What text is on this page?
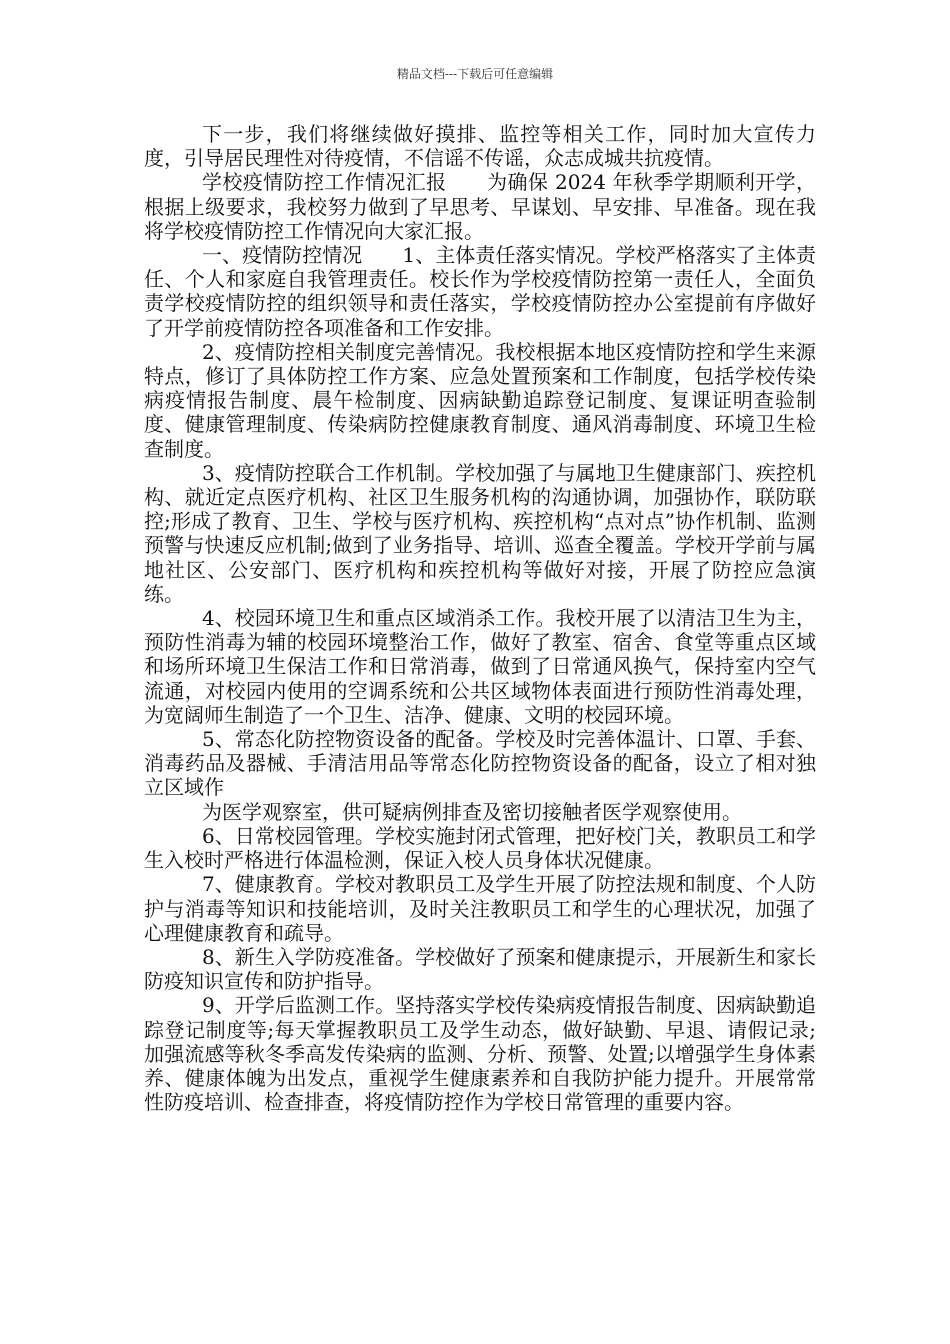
精品文档---下载后可任意编辑

下一步，我们将继续做好摸排、监控等相关工作，同时加大宣传力度，引导居民理性对待疫情，不信谣不传谣，众志成城共抗疫情。

学校疫情防控工作情况汇报　　为确保 2024 年秋季学期顺利开学，根据上级要求，我校努力做到了早思考、早谋划、早安排、早准备。现在我将学校疫情防控工作情况向大家汇报。

一、疫情防控情况　　1、主体责任落实情况。学校严格落实了主体责任、个人和家庭自我管理责任。校长作为学校疫情防控第一责任人，全面负责学校疫情防控的组织领导和责任落实，学校疫情防控办公室提前有序做好了开学前疫情防控各项准备和工作安排。

2、疫情防控相关制度完善情况。我校根据本地区疫情防控和学生来源特点，修订了具体防控工作方案、应急处置预案和工作制度，包括学校传染病疫情报告制度、晨午检制度、因病缺勤追踪登记制度、复课证明查验制度、健康管理制度、传染病防控健康教育制度、通风消毒制度、环境卫生检查制度。

3、疫情防控联合工作机制。学校加强了与属地卫生健康部门、疾控机构、就近定点医疗机构、社区卫生服务机构的沟通协调，加强协作，联防联控;形成了教育、卫生、学校与医疗机构、疾控机构“点对点”协作机制、监测预警与快速反应机制;做到了业务指导、培训、巡查全覆盖。学校开学前与属地社区、公安部门、医疗机构和疾控机构等做好对接，开展了防控应急演练。

4、校园环境卫生和重点区域消杀工作。我校开展了以清洁卫生为主，预防性消毒为辅的校园环境整治工作，做好了教室、宿舍、食堂等重点区域和场所环境卫生保洁工作和日常消毒，做到了日常通风换气，保持室内空气流通，对校园内使用的空调系统和公共区域物体表面进行预防性消毒处理，为宽阔师生制造了一个卫生、洁净、健康、文明的校园环境。

5、常态化防控物资设备的配备。学校及时完善体温计、口罩、手套、消毒药品及器械、手清洁用品等常态化防控物资设备的配备，设立了相对独立区域作

为医学观察室，供可疑病例排查及密切接触者医学观察使用。

6、日常校园管理。学校实施封闭式管理，把好校门关，教职员工和学生入校时严格进行体温检测，保证入校人员身体状况健康。

7、健康教育。学校对教职员工及学生开展了防控法规和制度、个人防护与消毒等知识和技能培训，及时关注教职员工和学生的心理状况，加强了心理健康教育和疏导。

8、新生入学防疫准备。学校做好了预案和健康提示，开展新生和家长防疫知识宣传和防护指导。

9、开学后监测工作。坚持落实学校传染病疫情报告制度、因病缺勤追踪登记制度等;每天掌握教职员工及学生动态，做好缺勤、早退、请假记录;加强流感等秋冬季高发传染病的监测、分析、预警、处置;以增强学生身体素养、健康体魄为出发点，重视学生健康素养和自我防护能力提升。开展常常性防疫培训、检查排查，将疫情防控作为学校日常管理的重要内容。
